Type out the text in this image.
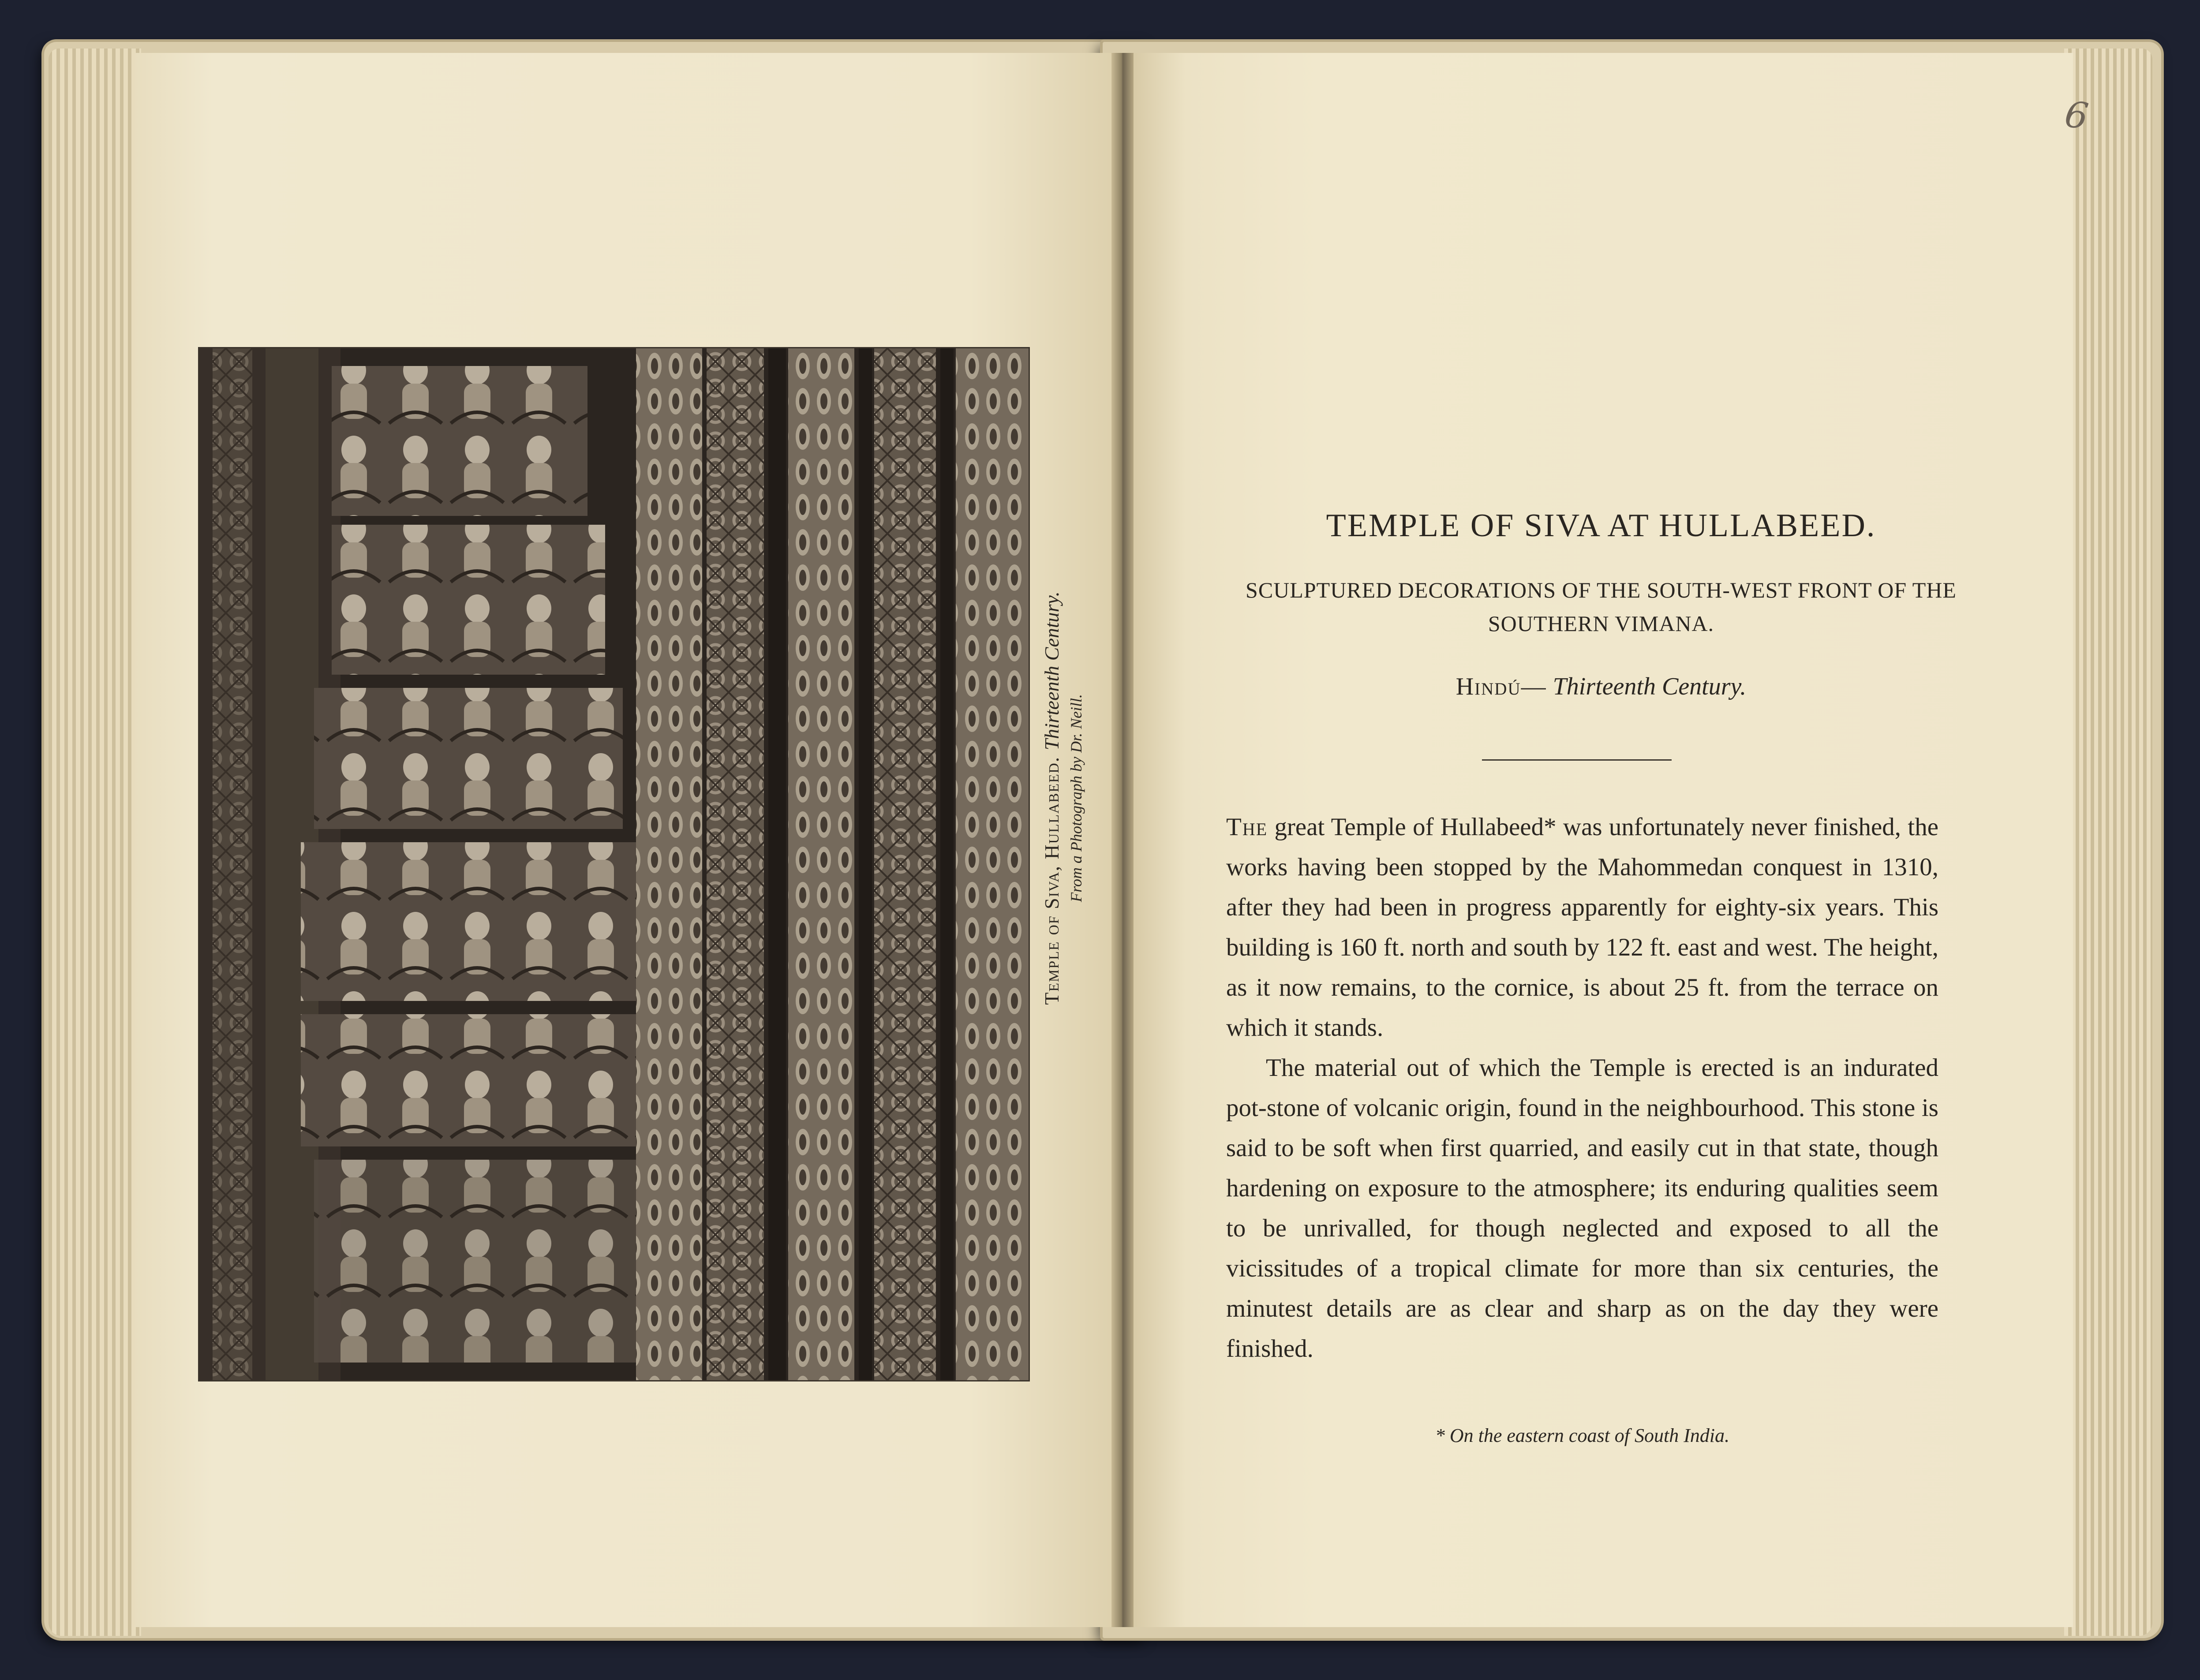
Temple of Siva, Hullabeed. Thirteenth Century.
From a Photograph by Dr. Neill.
6
TEMPLE OF SIVA AT HULLABEED.
SCULPTURED DECORATIONS OF THE SOUTH-WEST FRONT OF THE SOUTHERN VIMANA.
Hindú— Thirteenth Century.

The great Temple of Hullabeed* was unfortunately never finished, the works having been stopped by the Mahommedan conquest in 1310, after they had been in progress apparently for eighty-six years. This building is 160 ft. north and south by 122 ft. east and west. The height, as it now remains, to the cornice, is about 25 ft. from the terrace on which it stands.

The material out of which the Temple is erected is an indurated pot-stone of volcanic origin, found in the neighbourhood. This stone is said to be soft when first quarried, and easily cut in that state, though hardening on exposure to the atmosphere; its enduring qualities seem to be unrivalled, for though neglected and exposed to all the vicissitudes of a tropical climate for more than six centuries, the minutest details are as clear and sharp as on the day they were finished.

* On the eastern coast of South India.
